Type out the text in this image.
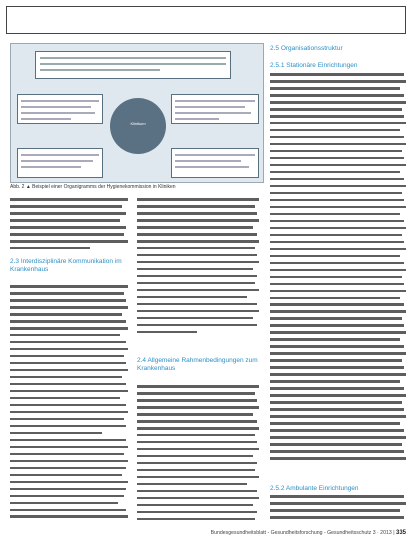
Klinikum
Abb. 2 ▲ Beispiel einer Organigramms der Hygienekommission in Kliniken
2.3 Interdisziplinäre Kommunikation im Krankenhaus
2.4 Allgemeine Rahmenbedingungen zum Krankenhaus
2.5 Organisationsstruktur
2.5.1 Stationäre Einrichtungen
2.5.2 Ambulante Einrichtungen
Bundesgesundheitsblatt - Gesundheitsforschung - Gesundheitsschutz 3 · 2013 | 335
